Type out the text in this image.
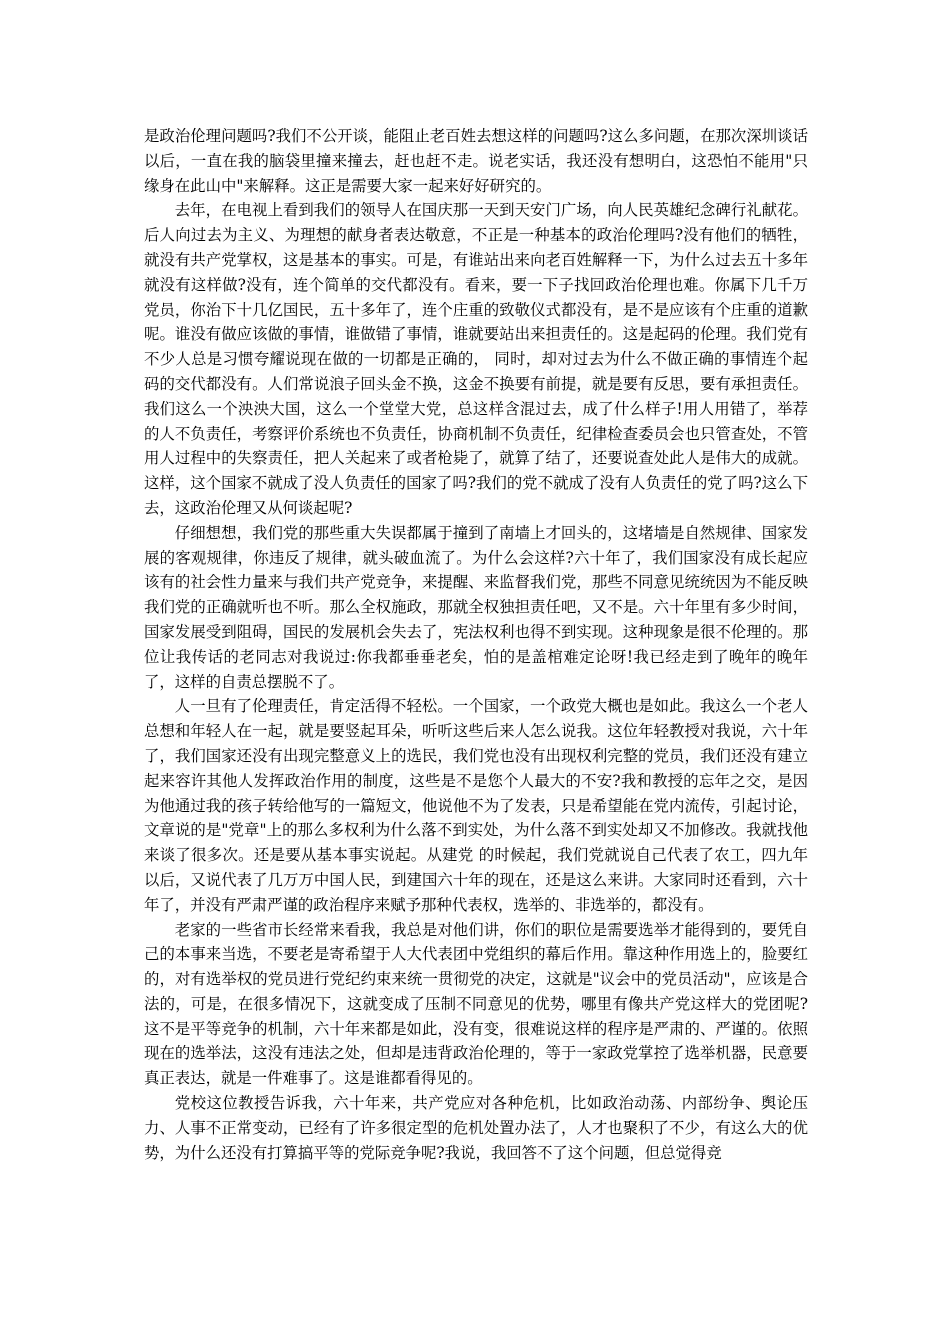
是政治伦理问题吗?我们不公开谈，能阻止老百姓去想这样的问题吗?这么多问题，在那次深圳谈话以后，一直在我的脑袋里撞来撞去，赶也赶不走。说老实话，我还没有想明白，这恐怕不能用"只缘身在此山中"来解释。这正是需要大家一起来好好研究的。

去年，在电视上看到我们的领导人在国庆那一天到天安门广场，向人民英雄纪念碑行礼献花。后人向过去为主义、为理想的献身者表达敬意，不正是一种基本的政治伦理吗?没有他们的牺牲，就没有共产党掌权，这是基本的事实。可是，有谁站出来向老百姓解释一下，为什么过去五十多年就没有这样做?没有，连个简单的交代都没有。看来，要一下子找回政治伦理也难。你属下几千万党员，你治下十几亿国民，五十多年了，连个庄重的致敬仪式都没有，是不是应该有个庄重的道歉呢。谁没有做应该做的事情，谁做错了事情，谁就要站出来担责任的。这是起码的伦理。我们党有不少人总是习惯夸耀说现在做的一切都是正确的， 同时，却对过去为什么不做正确的事情连个起码的交代都没有。人们常说浪子回头金不换，这金不换要有前提，就是要有反思，要有承担责任。我们这么一个泱泱大国，这么一个堂堂大党，总这样含混过去，成了什么样子!用人用错了，举荐的人不负责任，考察评价系统也不负责任，协商机制不负责任，纪律检查委员会也只管查处，不管用人过程中的失察责任，把人关起来了或者枪毙了，就算了结了，还要说查处此人是伟大的成就。这样，这个国家不就成了没人负责任的国家了吗?我们的党不就成了没有人负责任的党了吗?这么下去，这政治伦理又从何谈起呢?

仔细想想，我们党的那些重大失误都属于撞到了南墙上才回头的，这堵墙是自然规律、国家发展的客观规律，你违反了规律，就头破血流了。为什么会这样?六十年了，我们国家没有成长起应该有的社会性力量来与我们共产党竞争，来提醒、来监督我们党，那些不同意见统统因为不能反映我们党的正确就听也不听。那么全权施政，那就全权独担责任吧，又不是。六十年里有多少时间，国家发展受到阻碍，国民的发展机会失去了，宪法权利也得不到实现。这种现象是很不伦理的。那位让我传话的老同志对我说过:你我都垂垂老矣，怕的是盖棺难定论呀!我已经走到了晚年的晚年了，这样的自责总摆脱不了。

人一旦有了伦理责任，肯定活得不轻松。一个国家，一个政党大概也是如此。我这么一个老人总想和年轻人在一起，就是要竖起耳朵，听听这些后来人怎么说我。这位年轻教授对我说，六十年了，我们国家还没有出现完整意义上的选民，我们党也没有出现权利完整的党员，我们还没有建立起来容许其他人发挥政治作用的制度，这些是不是您个人最大的不安?我和教授的忘年之交，是因为他通过我的孩子转给他写的一篇短文，他说他不为了发表，只是希望能在党内流传，引起讨论，文章说的是"党章"上的那么多权利为什么落不到实处，为什么落不到实处却又不加修改。我就找他来谈了很多次。还是要从基本事实说起。从建党 的时候起，我们党就说自己代表了农工，四九年以后，又说代表了几万万中国人民，到建国六十年的现在，还是这么来讲。大家同时还看到，六十年了，并没有严肃严谨的政治程序来赋予那种代表权，选举的、非选举的，都没有。

老家的一些省市长经常来看我，我总是对他们讲，你们的职位是需要选举才能得到的，要凭自己的本事来当选，不要老是寄希望于人大代表团中党组织的幕后作用。靠这种作用选上的，脸要红的，对有选举权的党员进行党纪约束来统一贯彻党的决定，这就是"议会中的党员活动"，应该是合法的，可是，在很多情况下，这就变成了压制不同意见的优势，哪里有像共产党这样大的党团呢?这不是平等竞争的机制，六十年来都是如此，没有变，很难说这样的程序是严肃的、严谨的。依照现在的选举法，这没有违法之处，但却是违背政治伦理的，等于一家政党掌控了选举机器，民意要真正表达，就是一件难事了。这是谁都看得见的。

党校这位教授告诉我，六十年来，共产党应对各种危机，比如政治动荡、内部纷争、舆论压力、人事不正常变动，已经有了许多很定型的危机处置办法了，人才也聚积了不少，有这么大的优势，为什么还没有打算搞平等的党际竞争呢?我说，我回答不了这个问题，但总觉得竞
